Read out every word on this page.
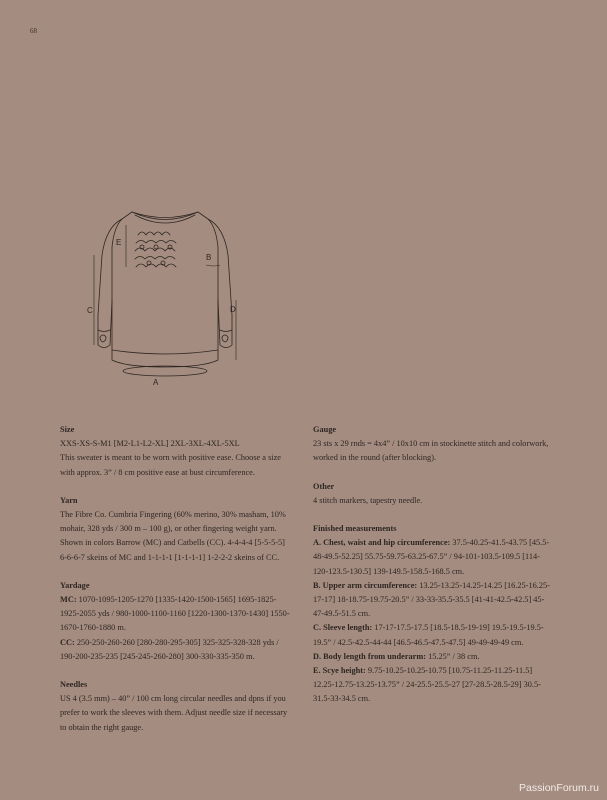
68
E
B
C	D
A
Size
XXS-XS-S-M1 [M2-L1-L2-XL] 2XL-3XL-4XL-5XL
This sweater is meant to be worn with positive ease. Choose a size with approx. 3” / 8 cm positive ease at bust circumference.
Yarn
The Fibre Co. Cumbria Fingering (60% merino, 30% masham, 10% mohair, 328 yds / 300 m – 100 g), or other fingering weight yarn. Shown in colors Barrow (MC) and Catbells (CC). 4-4-4-4 [5-5-5-5] 6-6-6-7 skeins of MC and 1-1-1-1 [1-1-1-1] 1-2-2-2 skeins of CC.
Yardage
MC: 1070-1095-1205-1270 [1335-1420-1500-1565] 1695-1825-1925-2055 yds / 980-1000-1100-1160 [1220-1300-1370-1430] 1550-1670-1760-1880 m.
CC: 250-250-260-260 [280-280-295-305] 325-325-328-328 yds / 190-200-235-235 [245-245-260-280] 300-330-335-350 m.
Needles
US 4 (3.5 mm) – 40” / 100 cm long circular needles and dpns if you prefer to work the sleeves with them. Adjust needle size if necessary to obtain the right gauge.
Gauge
23 sts x 29 rnds = 4x4” / 10x10 cm in stockinette stitch and colorwork, worked in the round (after blocking).
Other
4 stitch markers, tapestry needle.
Finished measurements
A. Chest, waist and hip circumference: 37.5-40.25-41.5-43.75 [45.5-48-49.5-52.25] 55.75-59.75-63.25-67.5” / 94-101-103.5-109.5 [114-120-123.5-130.5] 139-149.5-158.5-168.5 cm.
B. Upper arm circumference: 13.25-13.25-14.25-14.25 [16.25-16.25-17-17] 18-18.75-19.75-20.5” / 33-33-35.5-35.5 [41-41-42.5-42.5] 45-47-49.5-51.5 cm.
C. Sleeve length: 17-17-17.5-17.5 [18.5-18.5-19-19] 19.5-19.5-19.5-19.5” / 42.5-42.5-44-44 [46.5-46.5-47.5-47.5] 49-49-49-49 cm.
D. Body length from underarm: 15.25” / 38 cm.
E. Scye height: 9.75-10.25-10.25-10.75 [10.75-11.25-11.25-11.5] 12.25-12.75-13.25-13.75” / 24-25.5-25.5-27 [27-28.5-28.5-29] 30.5-31.5-33-34.5 cm.
PassionForum.ru
